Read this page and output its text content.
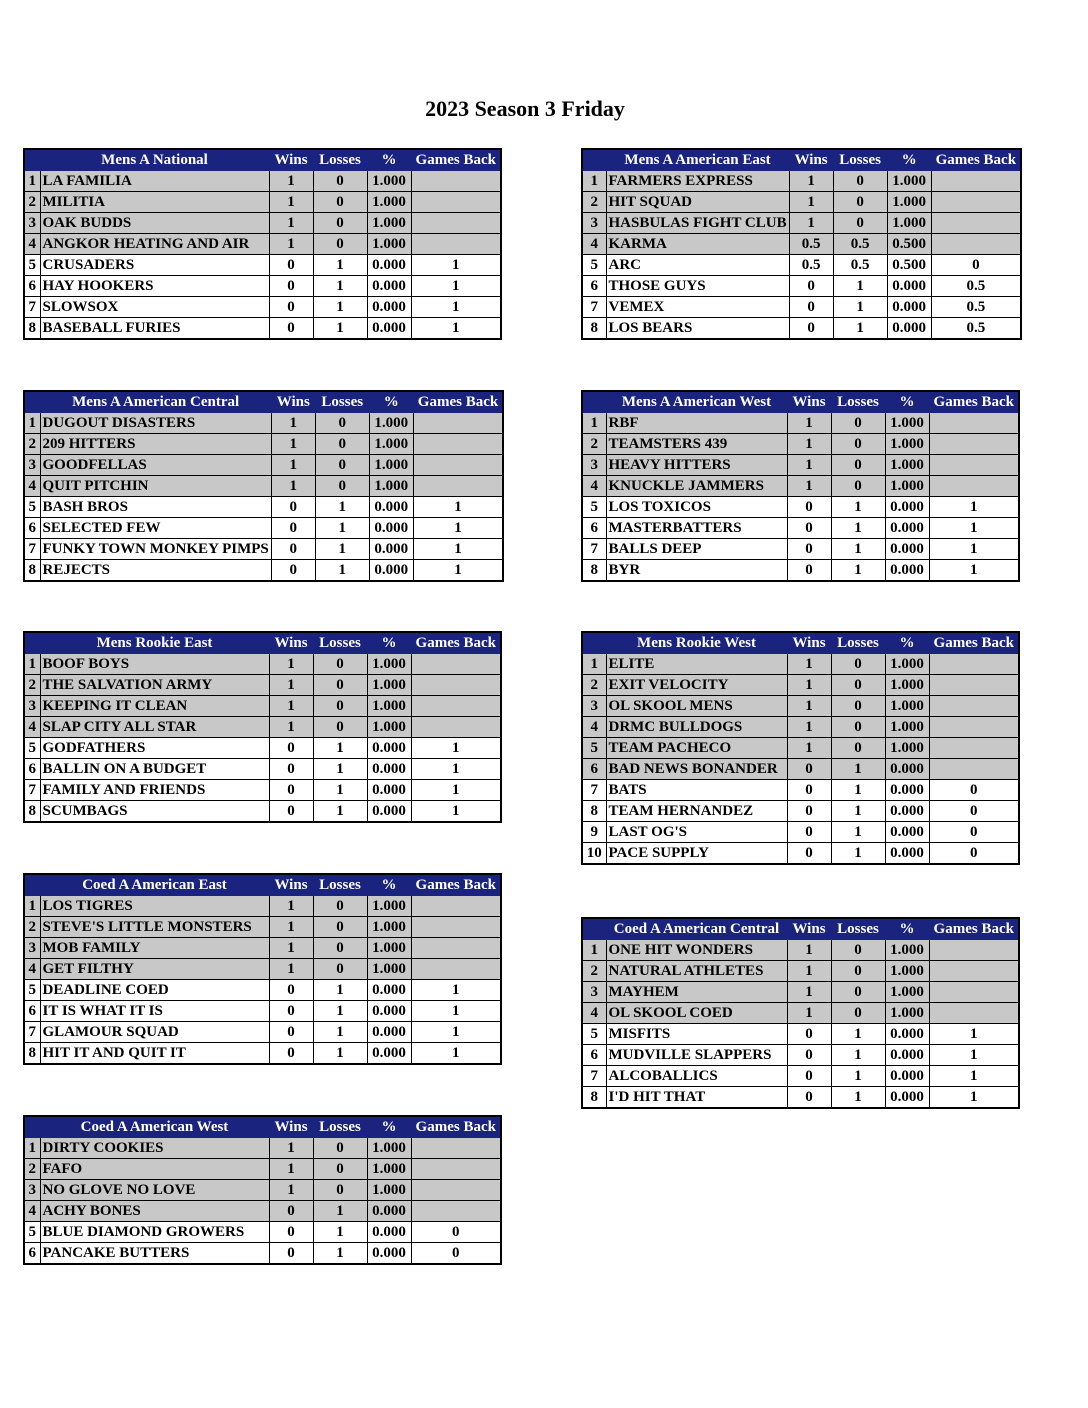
2023 Season 3 Friday
	Mens A National	Wins	Losses	%	Games Back
1	LA FAMILIA	1	0	1.000	
2	MILITIA	1	0	1.000	
3	OAK BUDDS	1	0	1.000	
4	ANGKOR HEATING AND AIR	1	0	1.000	
5	CRUSADERS	0	1	0.000	1
6	HAY HOOKERS	0	1	0.000	1
7	SLOWSOX	0	1	0.000	1
8	BASEBALL FURIES	0	1	0.000	1
	Mens A American East	Wins	Losses	%	Games Back
1	FARMERS EXPRESS	1	0	1.000	
2	HIT SQUAD	1	0	1.000	
3	HASBULAS FIGHT CLUB	1	0	1.000	
4	KARMA	0.5	0.5	0.500	
5	ARC	0.5	0.5	0.500	0
6	THOSE GUYS	0	1	0.000	0.5
7	VEMEX	0	1	0.000	0.5
8	LOS BEARS	0	1	0.000	0.5
	Mens A American Central	Wins	Losses	%	Games Back
1	DUGOUT DISASTERS	1	0	1.000	
2	209 HITTERS	1	0	1.000	
3	GOODFELLAS	1	0	1.000	
4	QUIT PITCHIN	1	0	1.000	
5	BASH BROS	0	1	0.000	1
6	SELECTED FEW	0	1	0.000	1
7	FUNKY TOWN MONKEY PIMPS	0	1	0.000	1
8	REJECTS	0	1	0.000	1
	Mens A American West	Wins	Losses	%	Games Back
1	RBF	1	0	1.000	
2	TEAMSTERS 439	1	0	1.000	
3	HEAVY HITTERS	1	0	1.000	
4	KNUCKLE JAMMERS	1	0	1.000	
5	LOS TOXICOS	0	1	0.000	1
6	MASTERBATTERS	0	1	0.000	1
7	BALLS DEEP	0	1	0.000	1
8	BYR	0	1	0.000	1
	Mens Rookie East	Wins	Losses	%	Games Back
1	BOOF BOYS	1	0	1.000	
2	THE SALVATION ARMY	1	0	1.000	
3	KEEPING IT CLEAN	1	0	1.000	
4	SLAP CITY ALL STAR	1	0	1.000	
5	GODFATHERS	0	1	0.000	1
6	BALLIN ON A BUDGET	0	1	0.000	1
7	FAMILY AND FRIENDS	0	1	0.000	1
8	SCUMBAGS	0	1	0.000	1
	Mens Rookie West	Wins	Losses	%	Games Back
1	ELITE	1	0	1.000	
2	EXIT VELOCITY	1	0	1.000	
3	OL SKOOL MENS	1	0	1.000	
4	DRMC BULLDOGS	1	0	1.000	
5	TEAM PACHECO	1	0	1.000	
6	BAD NEWS BONANDER	0	1	0.000	
7	BATS	0	1	0.000	0
8	TEAM HERNANDEZ	0	1	0.000	0
9	LAST OG'S	0	1	0.000	0
10	PACE SUPPLY	0	1	0.000	0
	Coed A American East	Wins	Losses	%	Games Back
1	LOS TIGRES	1	0	1.000	
2	STEVE'S LITTLE MONSTERS	1	0	1.000	
3	MOB FAMILY	1	0	1.000	
4	GET FILTHY	1	0	1.000	
5	DEADLINE COED	0	1	0.000	1
6	IT IS WHAT IT IS	0	1	0.000	1
7	GLAMOUR SQUAD	0	1	0.000	1
8	HIT IT AND QUIT IT	0	1	0.000	1
	Coed A American Central	Wins	Losses	%	Games Back
1	ONE HIT WONDERS	1	0	1.000	
2	NATURAL ATHLETES	1	0	1.000	
3	MAYHEM	1	0	1.000	
4	OL SKOOL COED	1	0	1.000	
5	MISFITS	0	1	0.000	1
6	MUDVILLE SLAPPERS	0	1	0.000	1
7	ALCOBALLICS	0	1	0.000	1
8	I'D HIT THAT	0	1	0.000	1
	Coed A American West	Wins	Losses	%	Games Back
1	DIRTY COOKIES	1	0	1.000	
2	FAFO	1	0	1.000	
3	NO GLOVE NO LOVE	1	0	1.000	
4	ACHY BONES	0	1	0.000	
5	BLUE DIAMOND GROWERS	0	1	0.000	0
6	PANCAKE BUTTERS	0	1	0.000	0
